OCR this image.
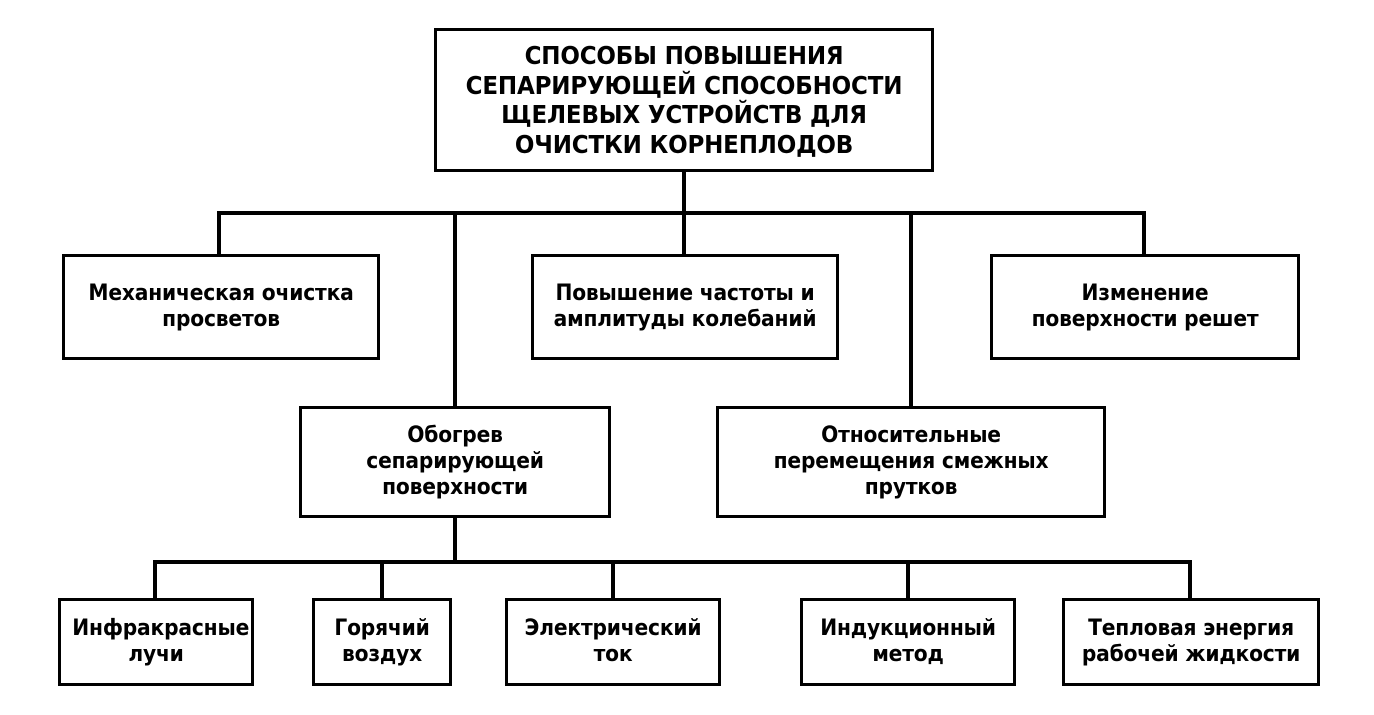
СПОСОБЫ ПОВЫШЕНИЯ СЕПАРИРУЮЩЕЙ СПОСОБНОСТИ ЩЕЛЕВЫХ УСТРОЙСТВ ДЛЯ ОЧИСТКИ КОРНЕПЛОДОВ
Механическая очистка просветов
Повышение частоты и амплитуды колебаний
Изменение поверхности решет
Обогрев сепарирующей поверхности
Относительные перемещения смежных прутков
Инфракрасные лучи
Горячий воздух
Электрический ток
Индукционный метод
Тепловая энергия рабочей жидкости
